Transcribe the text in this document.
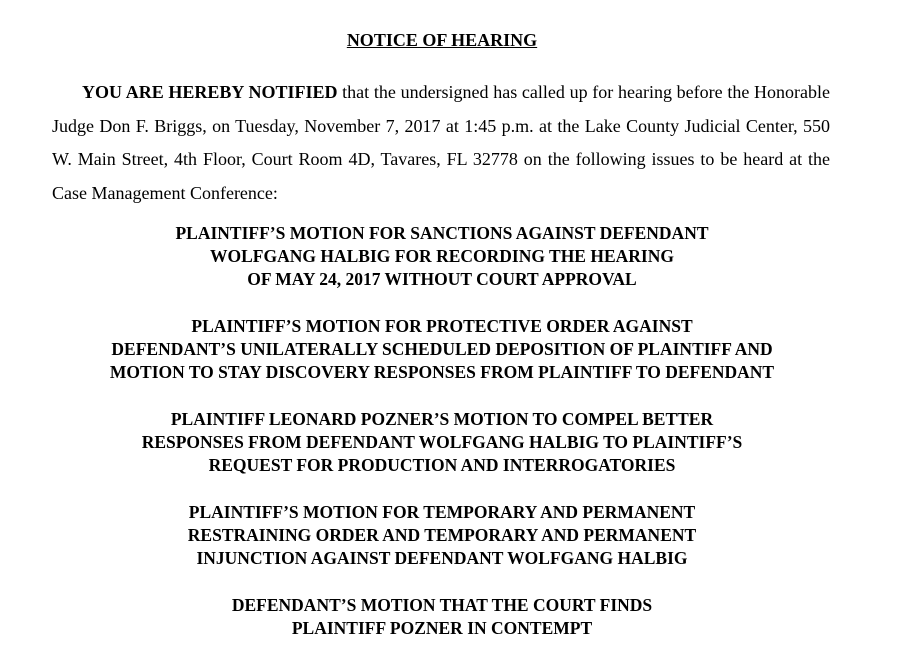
NOTICE OF HEARING

YOU ARE HEREBY NOTIFIED that the undersigned has called up for hearing before the Honorable Judge Don F. Briggs, on Tuesday, November 7, 2017 at 1:45 p.m. at the Lake County Judicial Center, 550 W. Main Street, 4th Floor, Court Room 4D, Tavares, FL 32778 on the following issues to be heard at the Case Management Conference:

PLAINTIFF’S MOTION FOR SANCTIONS AGAINST DEFENDANT
WOLFGANG HALBIG FOR RECORDING THE HEARING
OF MAY 24, 2017 WITHOUT COURT APPROVAL
PLAINTIFF’S MOTION FOR PROTECTIVE ORDER AGAINST
DEFENDANT’S UNILATERALLY SCHEDULED DEPOSITION OF PLAINTIFF AND
MOTION TO STAY DISCOVERY RESPONSES FROM PLAINTIFF TO DEFENDANT
PLAINTIFF LEONARD POZNER’S MOTION TO COMPEL BETTER
RESPONSES FROM DEFENDANT WOLFGANG HALBIG TO PLAINTIFF’S
REQUEST FOR PRODUCTION AND INTERROGATORIES
PLAINTIFF’S MOTION FOR TEMPORARY AND PERMANENT
RESTRAINING ORDER AND TEMPORARY AND PERMANENT
INJUNCTION AGAINST DEFENDANT WOLFGANG HALBIG
DEFENDANT’S MOTION THAT THE COURT FINDS
PLAINTIFF POZNER IN CONTEMPT
